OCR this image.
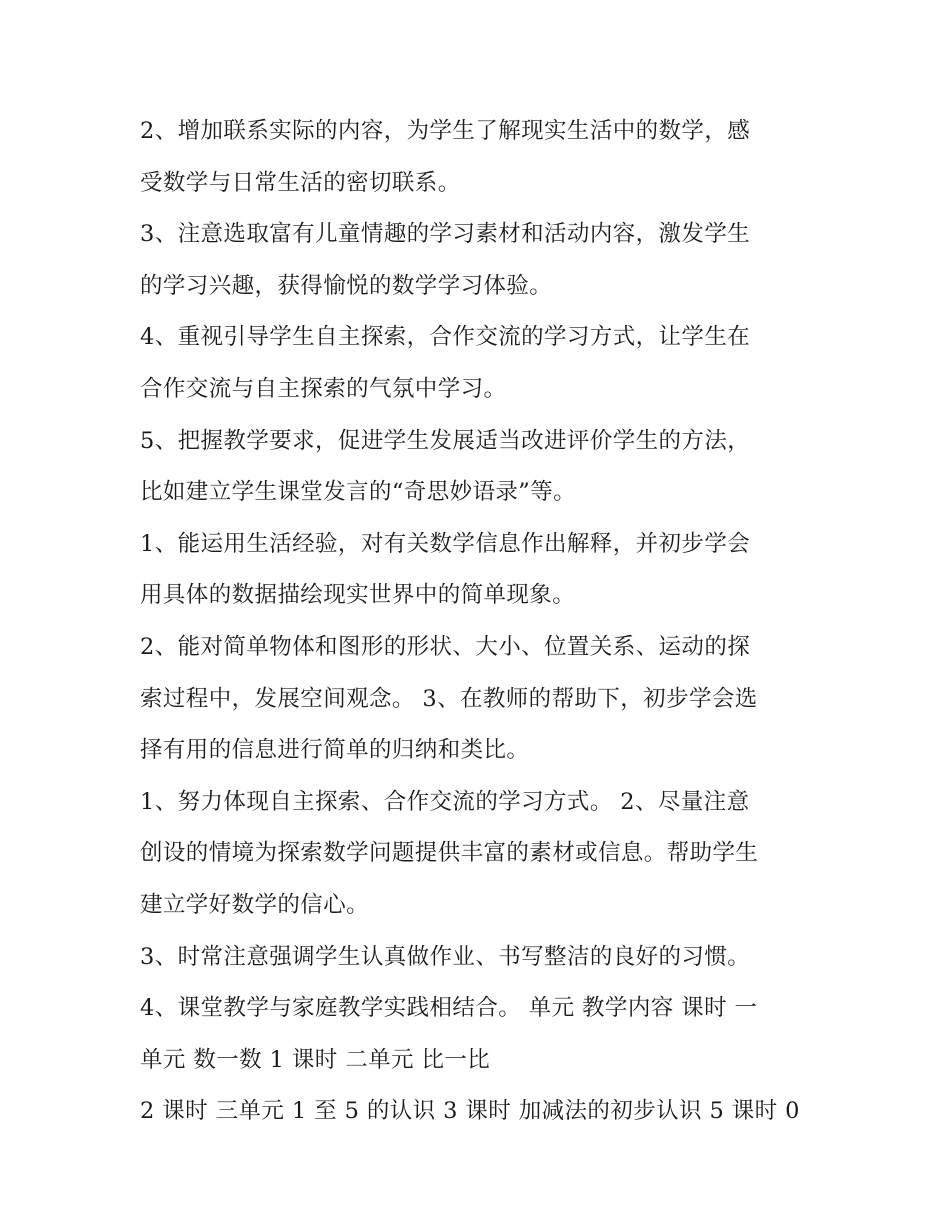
2、增加联系实际的内容，为学生了解现实生活中的数学，感
受数学与日常生活的密切联系。
3、注意选取富有儿童情趣的学习素材和活动内容，激发学生
的学习兴趣，获得愉悦的数学学习体验。
4、重视引导学生自主探索，合作交流的学习方式，让学生在
合作交流与自主探索的气氛中学习。
5、把握教学要求，促进学生发展适当改进评价学生的方法，
比如建立学生课堂发言的“奇思妙语录”等。
1、能运用生活经验，对有关数学信息作出解释，并初步学会
用具体的数据描绘现实世界中的简单现象。
2、能对简单物体和图形的形状、大小、位置关系、运动的探
索过程中，发展空间观念。 3、在教师的帮助下，初步学会选
择有用的信息进行简单的归纳和类比。
1、努力体现自主探索、合作交流的学习方式。 2、尽量注意
创设的情境为探索数学问题提供丰富的素材或信息。帮助学生
建立学好数学的信心。
3、时常注意强调学生认真做作业、书写整洁的良好的习惯。
4、课堂教学与家庭教学实践相结合。 单元 教学内容 课时 一
单元 数一数 1 课时 二单元 比一比
2 课时 三单元 1 至 5 的认识 3 课时 加减法的初步认识 5 课时 0
